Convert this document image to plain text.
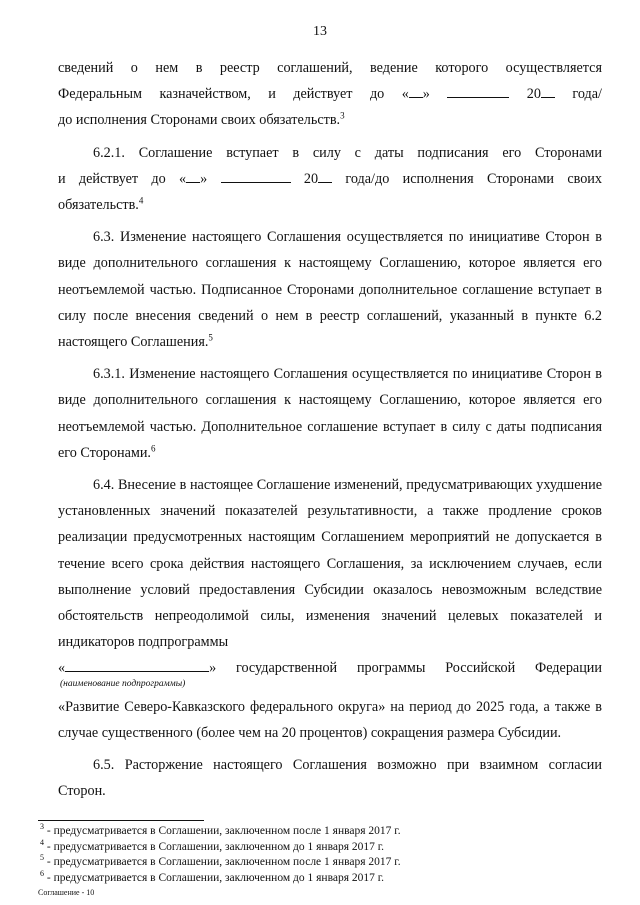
13
сведений о нем в реестр соглашений, ведение которого осуществляется
Федеральным казначейством, и действует до « »	20 года/
до исполнения Сторонами своих обязательств.$^3$
6.2.1. Соглашение вступает в силу с даты подписания его Сторонами
и действует до « »	20 года/до исполнения Сторонами своих
обязательств.$^4$

6.3. Изменение настоящего Соглашения осуществляется по инициативе Сторон в виде дополнительного соглашения к настоящему Соглашению, которое является его неотъемлемой частью. Подписанное Сторонами дополнительное соглашение вступает в силу после внесения сведений о нем в реестр соглашений, указанный в пункте 6.2 настоящего Соглашения.$^5$

6.3.1. Изменение настоящего Соглашения осуществляется по инициативе Сторон в виде дополнительного соглашения к настоящему Соглашению, которое является его неотъемлемой частью. Дополнительное соглашение вступает в силу с даты подписания его Сторонами.$^6$

6.4. Внесение в настоящее Соглашение изменений, предусматривающих ухудшение установленных значений показателей результативности, а также продление сроков реализации предусмотренных настоящим Соглашением мероприятий не допускается в течение всего срока действия настоящего Соглашения, за исключением случаев, если выполнение условий предоставления Субсидии оказалось невозможным вследствие обстоятельств непреодолимой силы, изменения значений целевых показателей и индикаторов подпрограммы
«	» государственной программы Российской Федерации
(наименование подпрограммы)

«Развитие Северо-Кавказского федерального округа» на период до 2025 года, а также в случае существенного (более чем на 20 процентов) сокращения размера Субсидии.

6.5. Расторжение настоящего Соглашения возможно при взаимном согласии Сторон.

$^3$ - предусматривается в Соглашении, заключенном после 1 января 2017 г.

$^4$ - предусматривается в Соглашении, заключенном до 1 января 2017 г.

$^5$ - предусматривается в Соглашении, заключенном после 1 января 2017 г.

$^6$ - предусматривается в Соглашении, заключенном до 1 января 2017 г.

Соглашение - 10
